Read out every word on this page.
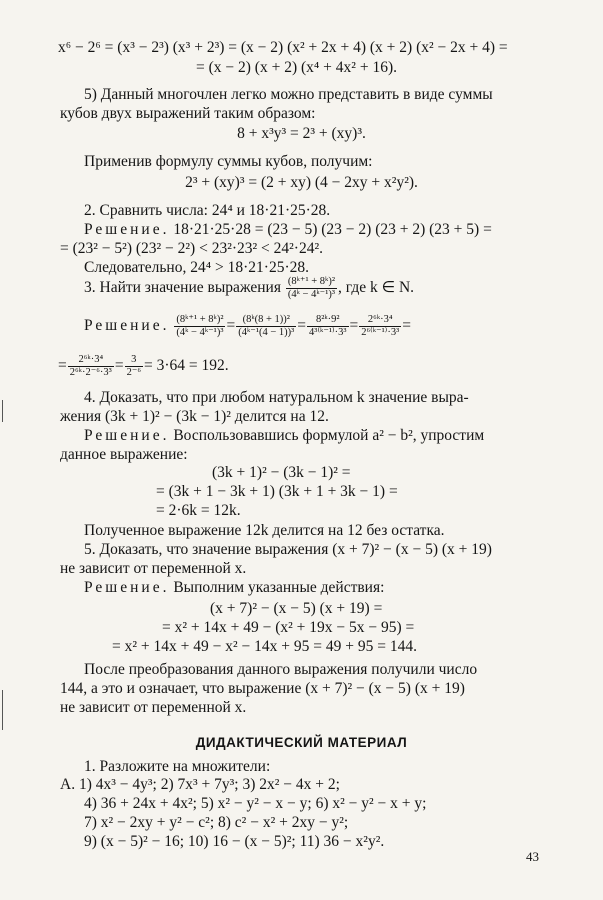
x⁶ − 2⁶ = (x³ − 2³) (x³ + 2³) = (x − 2) (x² + 2x + 4) (x + 2) (x² − 2x + 4) =
= (x − 2) (x + 2) (x⁴ + 4x² + 16).
5) Данный многочлен легко можно представить в виде суммы
кубов двух выражений таким образом:
8 + x³y³ = 2³ + (xy)³.
Применив формулу суммы кубов, получим:
2³ + (xy)³ = (2 + xy) (4 − 2xy + x²y²).
2. Сравнить числа: 24⁴ и 18·21·25·28.
Решение. 18·21·25·28 = (23 − 5) (23 − 2) (23 + 2) (23 + 5) =
= (23² − 5²) (23² − 2²) < 23²·23² < 24²·24².
Следовательно, 24⁴ > 18·21·25·28.
3. Найти значение выражения $\frac{\text{(8ᵏ⁺¹ + 8ᵏ)²}}{\text{(4ᵏ − 4ᵏ⁻¹)³}}$ , где k ∈ N.
Решение. $\frac{\text{(8ᵏ⁺¹ + 8ᵏ)²}}{\text{(4ᵏ − 4ᵏ⁻¹)³}} = \frac{\text{(8ᵏ(8 + 1))²}}{\text{(4ᵏ⁻¹(4 − 1))³}} = \frac{\text{8²ᵏ·9²}}{\text{4³⁽ᵏ⁻¹⁾·3³}} = \frac{\text{2⁶ᵏ·3⁴}}{\text{2⁶⁽ᵏ⁻¹⁾·3³}}$ =
= $\frac{\text{2⁶ᵏ·3⁴}}{\text{2⁶ᵏ·2⁻⁶·3³}} = \frac{3}{\text{2⁻⁶}} = 3\cdot 64 = 192$.
4. Доказать, что при любом натуральном k значение выра-
жения (3k + 1)² − (3k − 1)² делится на 12.
Решение. Воспользовавшись формулой a² − b², упростим
данное выражение:
(3k + 1)² − (3k − 1)² =
= (3k + 1 − 3k + 1) (3k + 1 + 3k − 1) =
= 2·6k = 12k.
Полученное выражение 12k делится на 12 без остатка.
5. Доказать, что значение выражения (x + 7)² − (x − 5) (x + 19)
не зависит от переменной x.
Решение. Выполним указанные действия:
(x + 7)² − (x − 5) (x + 19) =
= x² + 14x + 49 − (x² + 19x − 5x − 95) =
= x² + 14x + 49 − x² − 14x + 95 = 49 + 95 = 144.
После преобразования данного выражения получили число
144, а это и означает, что выражение (x + 7)² − (x − 5) (x + 19)
не зависит от переменной x.
ДИДАКТИЧЕСКИЙ МАТЕРИАЛ
1. Разложите на множители:
А. 1) 4x³ − 4y³; 2) 7x³ + 7y³; 3) 2x² − 4x + 2;
4) 36 + 24x + 4x²; 5) x² − y² − x − y; 6) x² − y² − x + y;
7) x² − 2xy + y² − c²; 8) c² − x² + 2xy − y²;
9) (x − 5)² − 16; 10) 16 − (x − 5)²; 11) 36 − x²y².
43
